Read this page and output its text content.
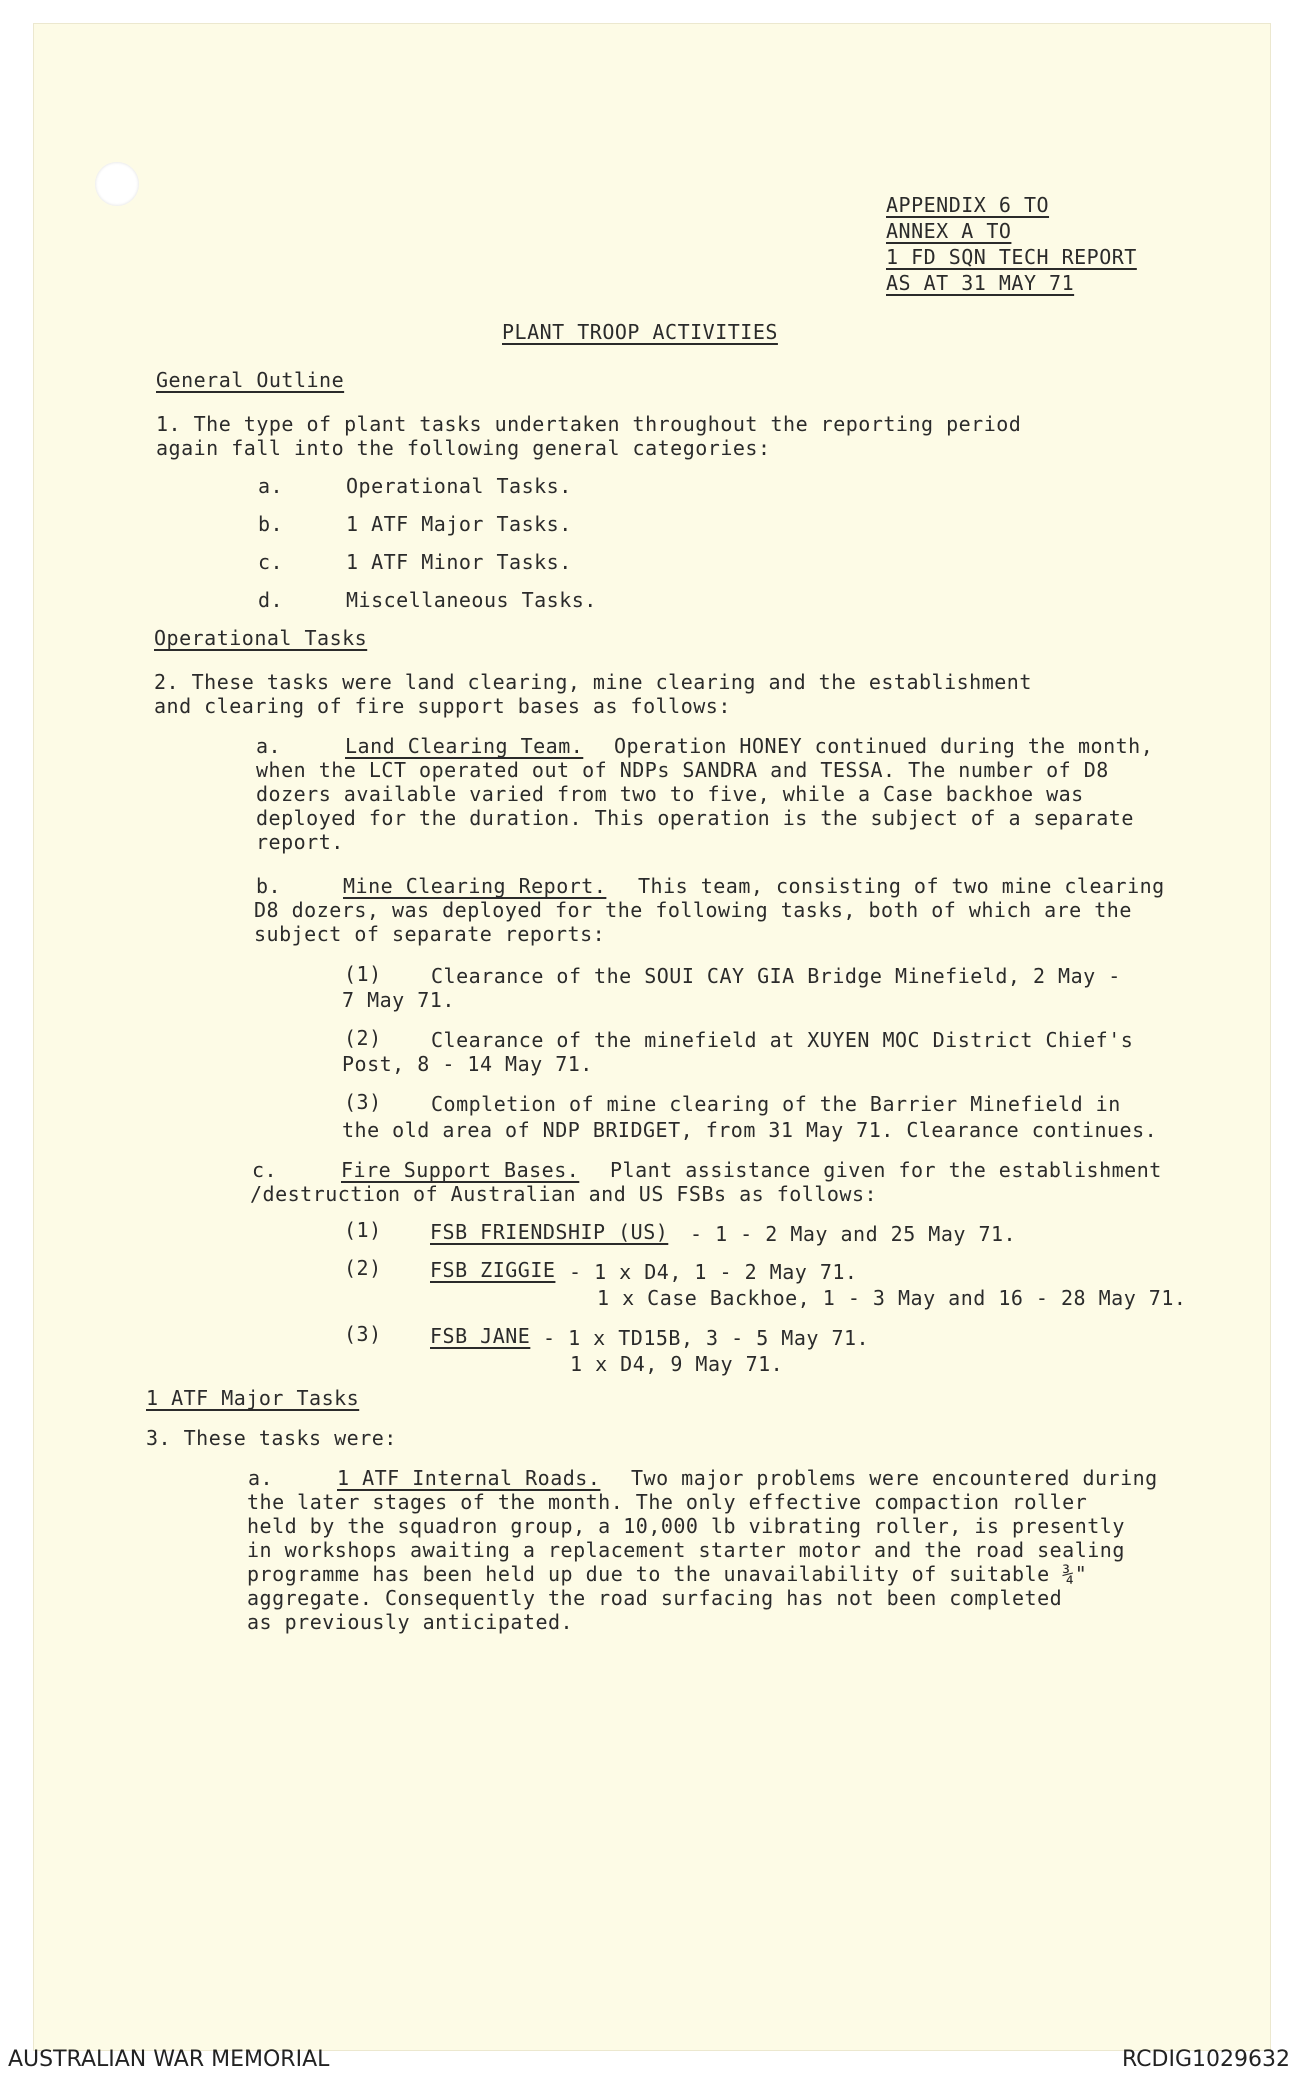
APPENDIX 6 TO
ANNEX A TO
1 FD SQN TECH REPORT
AS AT 31 MAY 71
PLANT TROOP ACTIVITIES
General Outline
1. The type of plant tasks undertaken throughout the reporting period
again fall into the following general categories:
a.	Operational Tasks.
b.	1 ATF Major Tasks.
c.	1 ATF Minor Tasks.
d.	Miscellaneous Tasks.
Operational Tasks
2. These tasks were land clearing, mine clearing and the establishment
and clearing of fire support bases as follows:
a.	Land Clearing Team. Operation HONEY continued during the month,
when the LCT operated out of NDPs SANDRA and TESSA. The number of D8
dozers available varied from two to five, while a Case backhoe was
deployed for the duration. This operation is the subject of a separate
report.
b.	Mine Clearing Report. This team, consisting of two mine clearing
D8 dozers, was deployed for the following tasks, both of which are the
subject of separate reports:
(1) Clearance of the SOUI CAY GIA Bridge Minefield, 2 May -
7 May 71.
(2) Clearance of the minefield at XUYEN MOC District Chief's
Post, 8 - 14 May 71.
(3) Completion of mine clearing of the Barrier Minefield in
the old area of NDP BRIDGET, from 31 May 71. Clearance continues.
c.	Fire Support Bases. Plant assistance given for the establishment
/destruction of Australian and US FSBs as follows:
(1) FSB FRIENDSHIP (US) - 1 - 2 May and 25 May 71.
(2) FSB ZIGGIE - 1 x D4, 1 - 2 May 71.
1 x Case Backhoe, 1 - 3 May and 16 - 28 May 71.
(3) FSB JANE - 1 x TD15B, 3 - 5 May 71.
1 x D4, 9 May 71.
1 ATF Major Tasks
3. These tasks were:
a.	1 ATF Internal Roads. Two major problems were encountered during
the later stages of the month. The only effective compaction roller
held by the squadron group, a 10,000 lb vibrating roller, is presently
in workshops awaiting a replacement starter motor and the road sealing
programme has been held up due to the unavailability of suitable ¾"
aggregate. Consequently the road surfacing has not been completed
as previously anticipated.
AUSTRALIAN WAR MEMORIAL	RCDIG1029632
